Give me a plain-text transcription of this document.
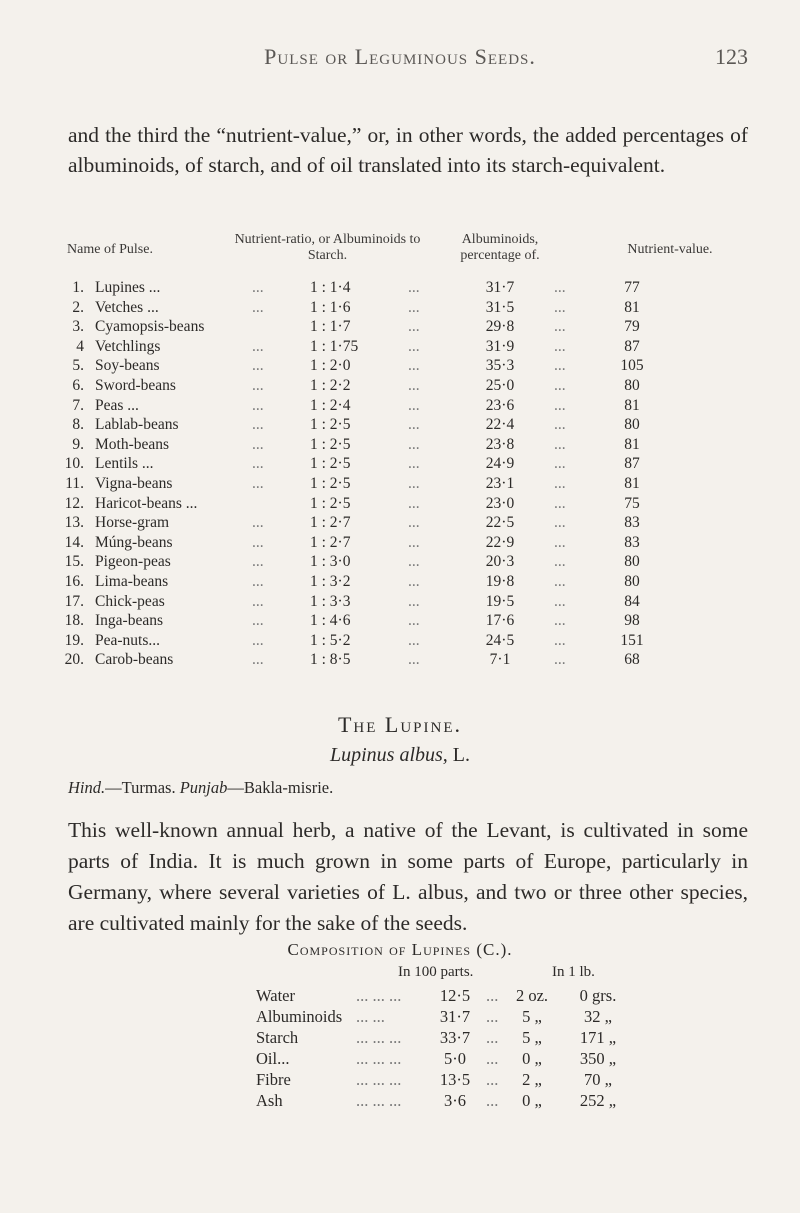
Pulse or Leguminous Seeds.	123
and the third the “nutrient-value,” or, in other words, the added percentages of albuminoids, of starch, and of oil translated into its starch-equivalent.
Name of Pulse.
Nutrient-ratio, or Albuminoids to Starch.
Albuminoids, percentage of.	Nutrient-value.
1. Lupines ...	...	1 : 1·4	...	31·7	...	77
2. Vetches ...	...	1 : 1·6	...	31·5	...	81
3. Cyamopsis-beans	1 : 1·7	...	29·8	...	79
4 Vetchlings	...	1 : 1·75	...	31·9	...	87
5. Soy-beans	...	1 : 2·0	...	35·3	...	105
6. Sword-beans	...	1 : 2·2	...	25·0	...	80
7. Peas ...	...	1 : 2·4	...	23·6	...	81
8. Lablab-beans	...	1 : 2·5	...	22·4	...	80
9. Moth-beans	...	1 : 2·5	...	23·8	...	81
10. Lentils ...	...	1 : 2·5	...	24·9	...	87
11. Vigna-beans	...	1 : 2·5	...	23·1	...	81
12. Haricot-beans ...	1 : 2·5	...	23·0	...	75
13. Horse-gram	...	1 : 2·7	...	22·5	...	83
14. Múng-beans	...	1 : 2·7	...	22·9	...	83
15. Pigeon-peas	...	1 : 3·0	...	20·3	...	80
16. Lima-beans	...	1 : 3·2	...	19·8	...	80
17. Chick-peas	...	1 : 3·3	...	19·5	...	84
18. Inga-beans	...	1 : 4·6	...	17·6	...	98
19. Pea-nuts...	...	1 : 5·2	...	24·5	...	151
20. Carob-beans	...	1 : 8·5	...	7·1	...	68
The Lupine.
Lupinus albus, L.
Hind.—Turmas. Punjab—Bakla-misrie.
This well-known annual herb, a native of the Levant, is cultivated in some parts of India. It is much grown in some parts of Europe, particularly in Germany, where several varieties of L. albus, and two or three other species, are cultivated mainly for the sake of the seeds.
Composition of Lupines (C.).
In 100 parts.	In 1 lb.
Water	... ... ...	12·5 ...	2 oz.	0 grs.
Albuminoids ... ...	31·7 ...	5 „	32 „
Starch	... ... ...	33·7 ...	5 „	171 „
Oil...	... ... ...	5·0	...	0 „	350 „
Fibre	... ... ...	13·5 ...	2 „	70 „
Ash	... ... ...	3·6	...	0 „	252 „
